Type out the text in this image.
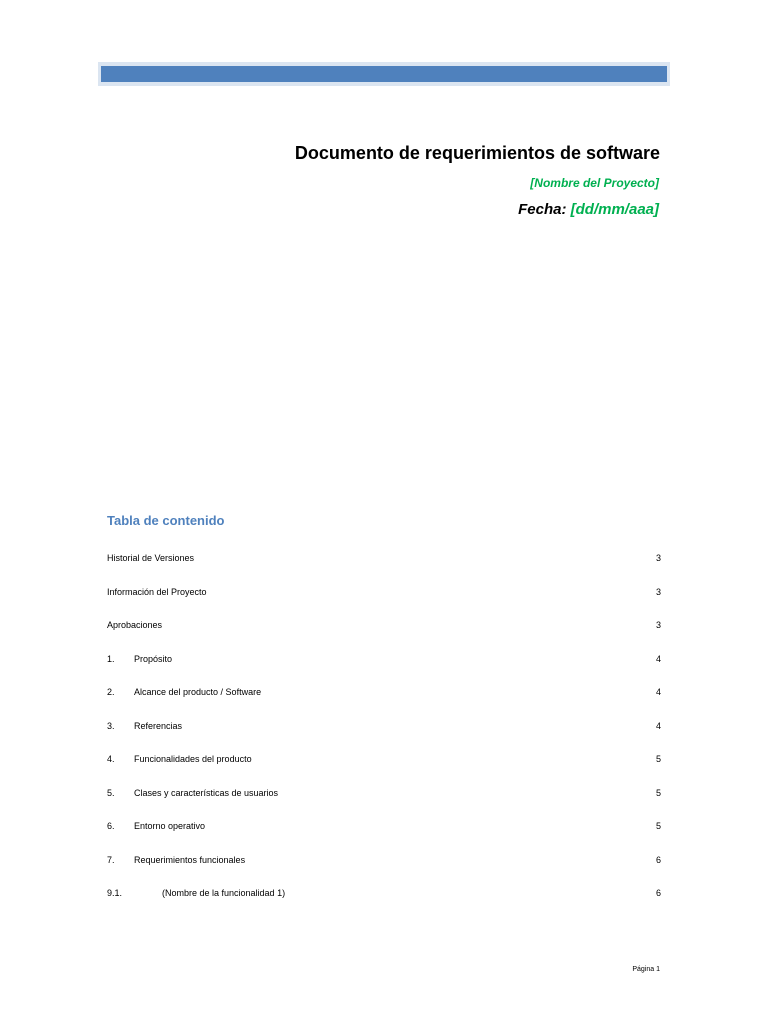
Documento de requerimientos de software
[Nombre del Proyecto]
Fecha: [dd/mm/aaa]
Tabla de contenido
Historial de Versiones	3
Información del Proyecto	3
Aprobaciones	3
1. Propósito	4
2. Alcance del producto / Software	4
3. Referencias	4
4. Funcionalidades del producto	5
5. Clases y características de usuarios	5
6. Entorno operativo	5
7. Requerimientos funcionales	6
9.1.	(Nombre de la funcionalidad 1)	6
Página 1
